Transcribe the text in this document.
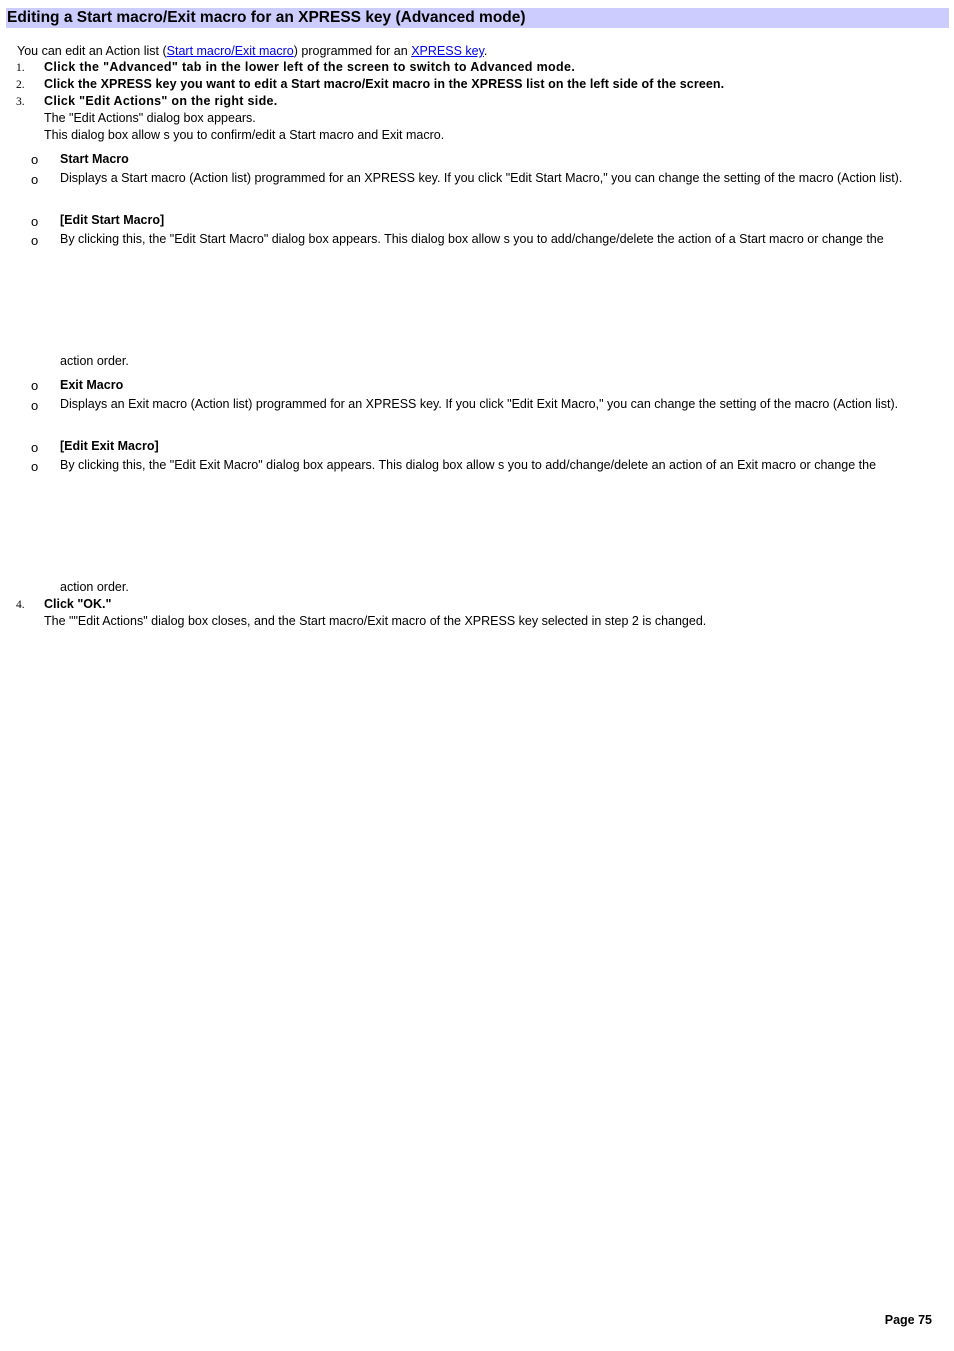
Editing a Start macro/Exit macro for an XPRESS key (Advanced mode)
You can edit an Action list (Start macro/Exit macro) programmed for an XPRESS key.
1. Click the "Advanced" tab in the lower left of the screen to switch to Advanced mode.
2. Click the XPRESS key you want to edit a Start macro/Exit macro in the XPRESS list on the left side of the screen.
3. Click "Edit Actions" on the right side.
The "Edit Actions" dialog box appears.
This dialog box allow s you to confirm/edit a Start macro and Exit macro.
o Start Macro
o Displays a Start macro (Action list) programmed for an XPRESS key. If you click "Edit Start Macro," you can change the setting of the macro (Action list).
o [Edit Start Macro]
o By clicking this, the "Edit Start Macro" dialog box appears. This dialog box allow s you to add/change/delete the action of a Start macro or change the
action order.
o Exit Macro
o Displays an Exit macro (Action list) programmed for an XPRESS key. If you click "Edit Exit Macro," you can change the setting of the macro (Action list).
o [Edit Exit Macro]
o By clicking this, the "Edit Exit Macro" dialog box appears. This dialog box allow s you to add/change/delete an action of an Exit macro or change the
action order.
4. Click "OK."
The ""Edit Actions" dialog box closes, and the Start macro/Exit macro of the XPRESS key selected in step 2 is changed.
Page 75
